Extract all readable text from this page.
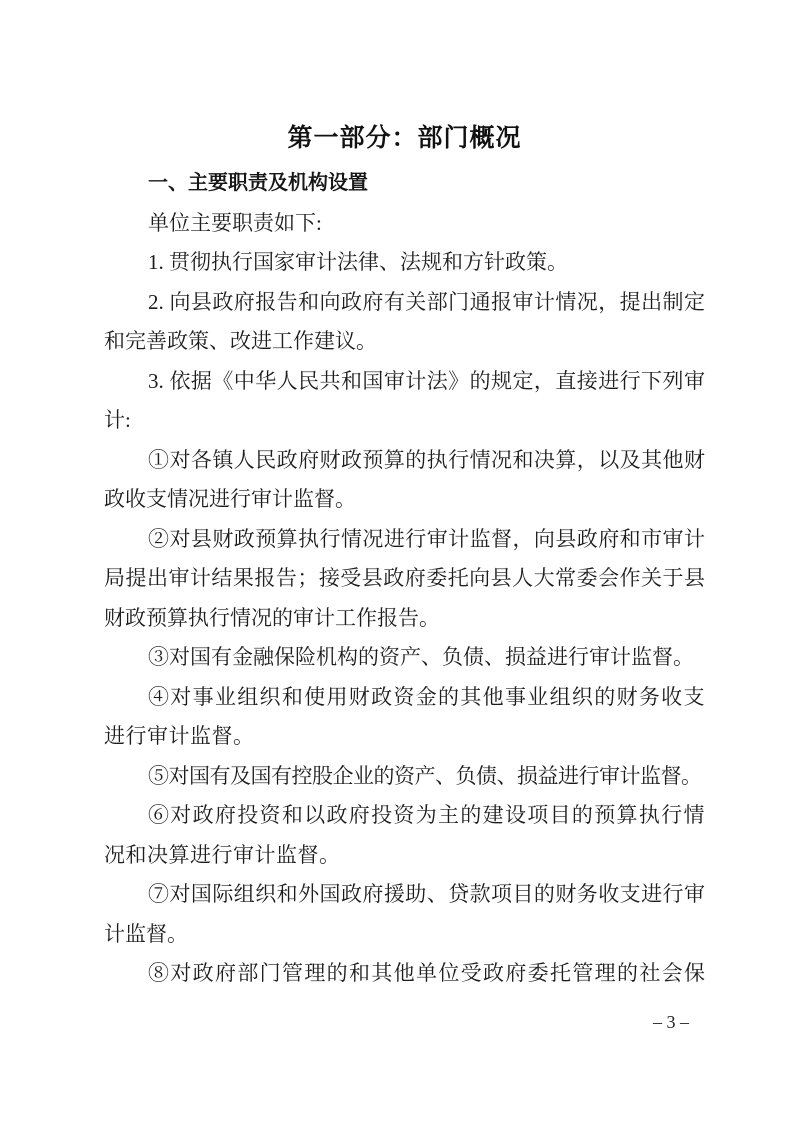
第一部分：部门概况
一、主要职责及机构设置

单位主要职责如下:

1. 贯彻执行国家审计法律、法规和方针政策。

2. 向县政府报告和向政府有关部门通报审计情况，提出制定和完善政策、改进工作建议。

3. 依据《中华人民共和国审计法》的规定，直接进行下列审计:

①对各镇人民政府财政预算的执行情况和决算，以及其他财政收支情况进行审计监督。

②对县财政预算执行情况进行审计监督，向县政府和市审计局提出审计结果报告；接受县政府委托向县人大常委会作关于县财政预算执行情况的审计工作报告。

③对国有金融保险机构的资产、负债、损益进行审计监督。

④对事业组织和使用财政资金的其他事业组织的财务收支进行审计监督。

⑤对国有及国有控股企业的资产、负债、损益进行审计监督。

⑥对政府投资和以政府投资为主的建设项目的预算执行情况和决算进行审计监督。

⑦对国际组织和外国政府援助、贷款项目的财务收支进行审计监督。

⑧对政府部门管理的和其他单位受政府委托管理的社会保

– 3 –
